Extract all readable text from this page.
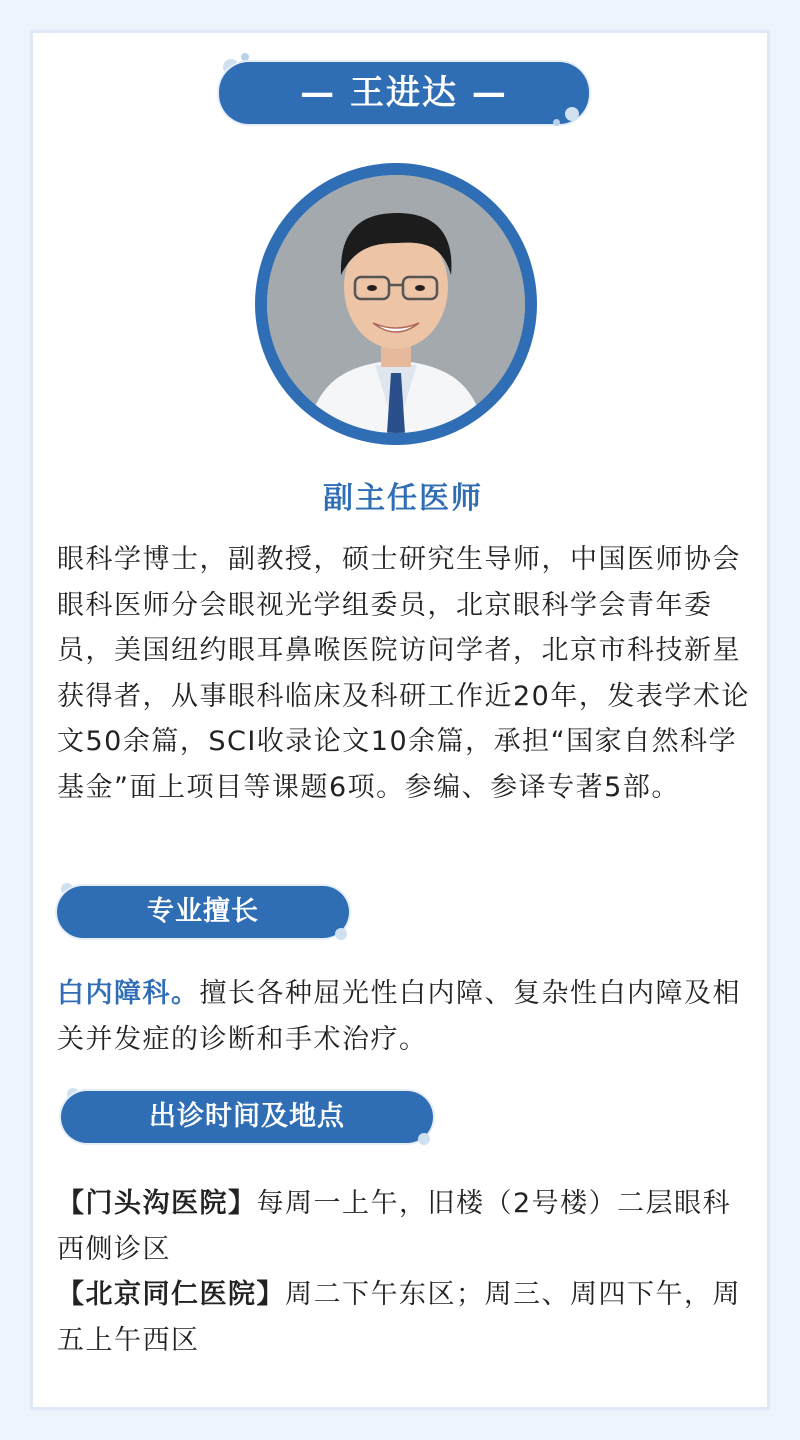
— 王进达 —
副主任医师

眼科学博士，副教授，硕士研究生导师，中国医师协会眼科医师分会眼视光学组委员，北京眼科学会青年委员，美国纽约眼耳鼻喉医院访问学者，北京市科技新星获得者，从事眼科临床及科研工作近20年，发表学术论文50余篇，SCI收录论文10余篇，承担“国家自然科学基金”面上项目等课题6项。参编、参译专著5部。

专业擅长

白内障科。擅长各种屈光性白内障、复杂性白内障及相关并发症的诊断和手术治疗。

出诊时间及地点

【门头沟医院】每周一上午，旧楼（2号楼）二层眼科西侧诊区
【北京同仁医院】周二下午东区；周三、周四下午，周五上午西区
